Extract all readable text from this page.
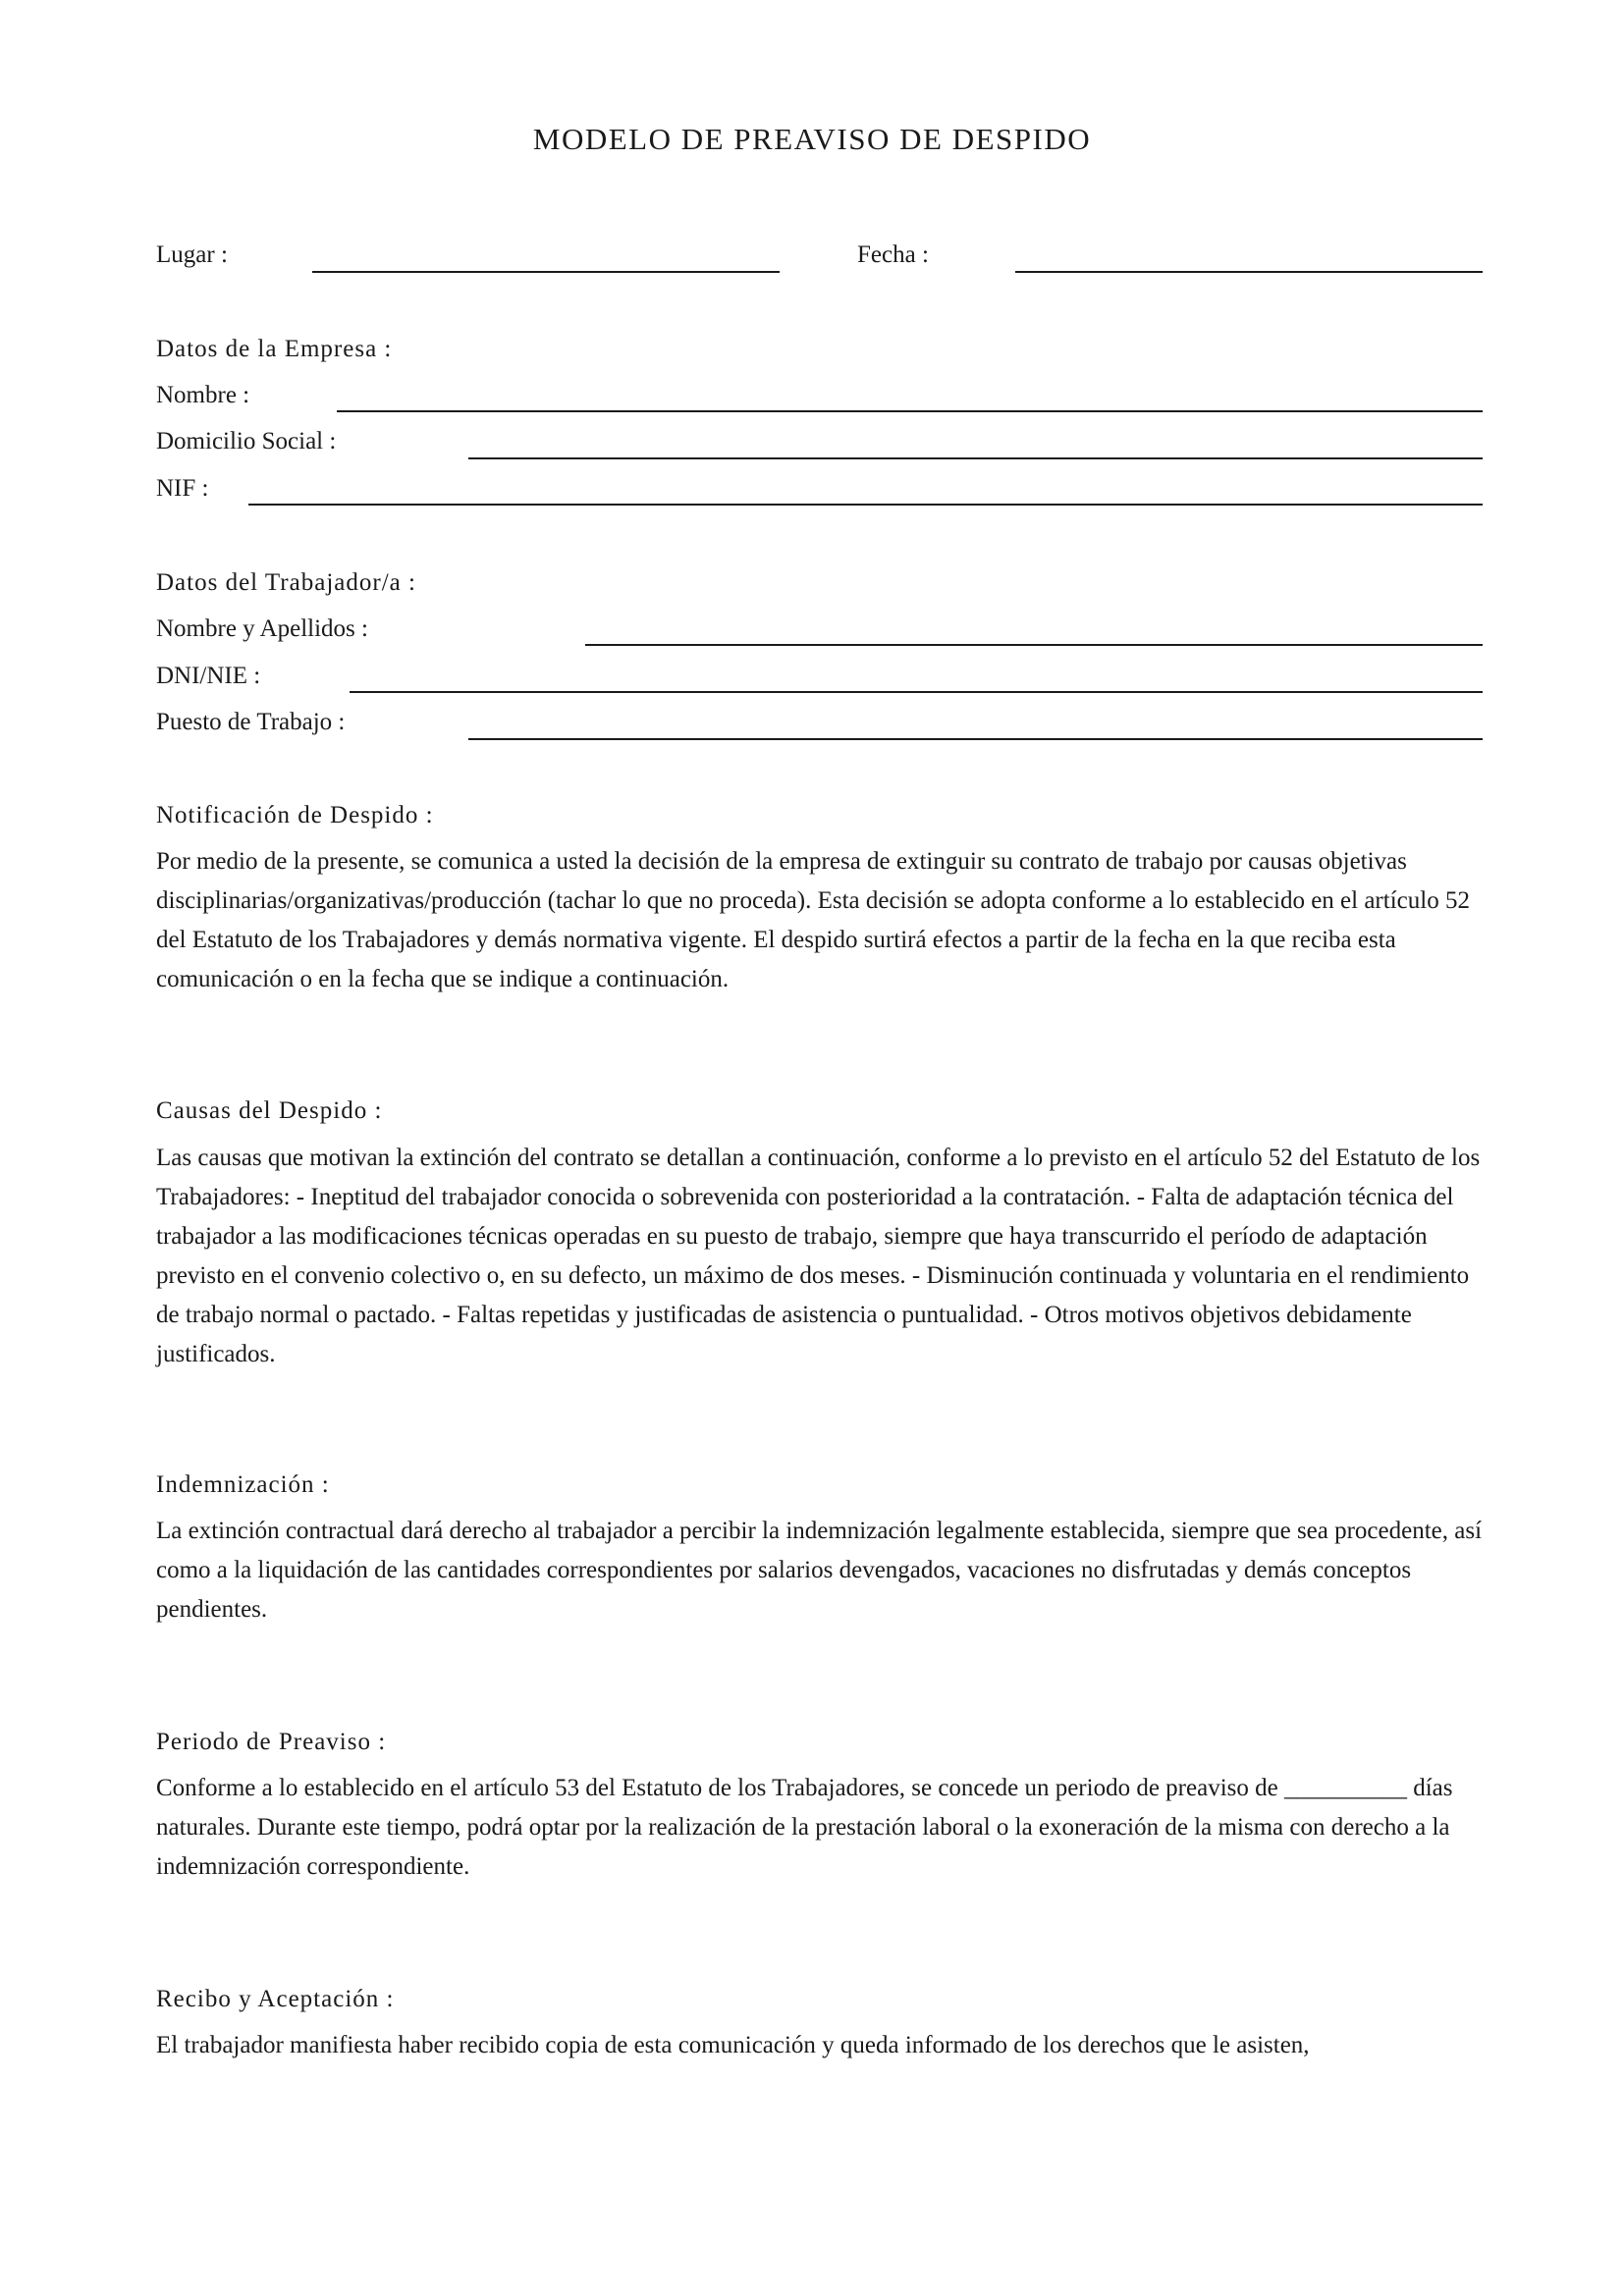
MODELO DE PREAVISO DE DESPIDO
Lugar :	Fecha :
Datos de la Empresa :
Nombre :
Domicilio Social :
NIF :
Datos del Trabajador/a :
Nombre y Apellidos :
DNI/NIE :
Puesto de Trabajo :
Notificación de Despido :
Por medio de la presente, se comunica a usted la decisión de la empresa de extinguir su contrato de trabajo por causas objetivas disciplinarias/organizativas/producción (tachar lo que no proceda). Esta decisión se adopta conforme a lo establecido en el artículo 52 del Estatuto de los Trabajadores y demás normativa vigente. El despido surtirá efectos a partir de la fecha en la que reciba esta comunicación o en la fecha que se indique a continuación.
Causas del Despido :
Las causas que motivan la extinción del contrato se detallan a continuación, conforme a lo previsto en el artículo 52 del Estatuto de los Trabajadores: - Ineptitud del trabajador conocida o sobrevenida con posterioridad a la contratación. - Falta de adaptación técnica del trabajador a las modificaciones técnicas operadas en su puesto de trabajo, siempre que haya transcurrido el período de adaptación previsto en el convenio colectivo o, en su defecto, un máximo de dos meses. - Disminución continuada y voluntaria en el rendimiento de trabajo normal o pactado. - Faltas repetidas y justificadas de asistencia o puntualidad. - Otros motivos objetivos debidamente justificados.
Indemnización :
La extinción contractual dará derecho al trabajador a percibir la indemnización legalmente establecida, siempre que sea procedente, así como a la liquidación de las cantidades correspondientes por salarios devengados, vacaciones no disfrutadas y demás conceptos pendientes.
Periodo de Preaviso :
Conforme a lo establecido en el artículo 53 del Estatuto de los Trabajadores, se concede un periodo de preaviso de __________ días naturales. Durante este tiempo, podrá optar por la realización de la prestación laboral o la exoneración de la misma con derecho a la indemnización correspondiente.
Recibo y Aceptación :
El trabajador manifiesta haber recibido copia de esta comunicación y queda informado de los derechos que le asisten,
